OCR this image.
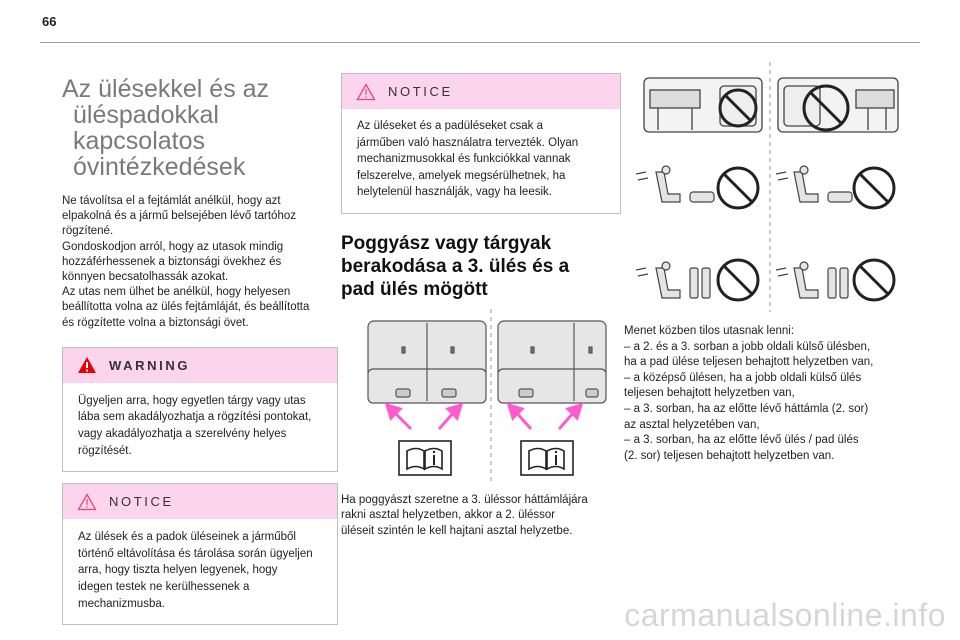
66
Az ülésekkel és az
üléspadokkal kapcsolatos
óvintézkedések

Ne távolítsa el a fejtámlát anélkül, hogy azt

elpakolná és a jármű belsejében lévő tartóhoz

rögzítené.

Gondoskodjon arról, hogy az utasok mindig

hozzáférhessenek a biztonsági övekhez és

könnyen becsatolhassák azokat.

Az utas nem ülhet be anélkül, hogy helyesen

beállította volna az ülés fejtámláját, és beállította

és rögzítette volna a biztonsági övet.

WARNING
Ügyeljen arra, hogy egyetlen tárgy vagy utas
lába sem akadályozhatja a rögzítési pontokat,
vagy akadályozhatja a szerelvény helyes
rögzítését.
NOTICE
Az ülések és a padok üléseinek a járműből
történő eltávolítása és tárolása során ügyeljen
arra, hogy tiszta helyen legyenek, hogy
idegen testek ne kerülhessenek a
mechanizmusba.
NOTICE
Az üléseket és a padüléseket csak a
járműben való használatra tervezték. Olyan
mechanizmusokkal és funkciókkal vannak
felszerelve, amelyek megsérülhetnek, ha
helytelenül használják, vagy ha leesik.
Poggyász vagy tárgyak
berakodása a 3. ülés és a
pad ülés mögött
Ha poggyászt szeretne a 3. üléssor háttámlájára
rakni asztal helyzetben, akkor a 2. üléssor
üléseit szintén le kell hajtani asztal helyzetbe.

Menet közben tilos utasnak lenni:

– a 2. és a 3. sorban a jobb oldali külső ülésben,

ha a pad ülése teljesen behajtott helyzetben van,

– a középső ülésen, ha a jobb oldali külső ülés

teljesen behajtott helyzetben van,

– a 3. sorban, ha az előtte lévő háttámla (2. sor)

az asztal helyzetében van,

– a 3. sorban, ha az előtte lévő ülés / pad ülés

(2. sor) teljesen behajtott helyzetben van.

carmanualsonline.info
